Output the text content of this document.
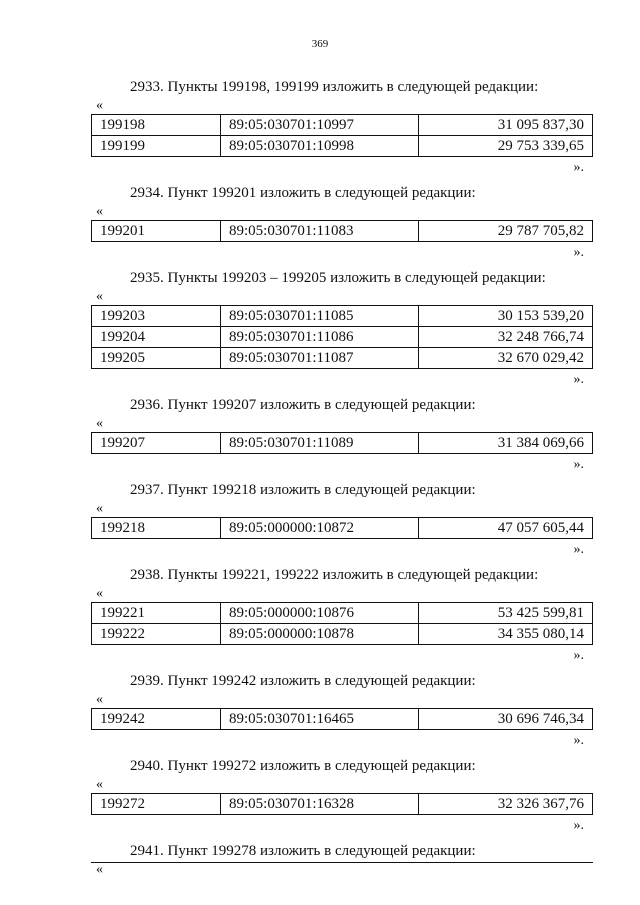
369
2933. Пункты 199198, 199199 изложить в следующей редакции:
«
199198	89:05:030701:10997	31 095 837,30
199199	89:05:030701:10998	29 753 339,65
».
2934. Пункт 199201 изложить в следующей редакции:
«
199201	89:05:030701:11083	29 787 705,82
».
2935. Пункты 199203 – 199205 изложить в следующей редакции:
«
199203	89:05:030701:11085	30 153 539,20
199204	89:05:030701:11086	32 248 766,74
199205	89:05:030701:11087	32 670 029,42
».
2936. Пункт 199207 изложить в следующей редакции:
«
199207	89:05:030701:11089	31 384 069,66
».
2937. Пункт 199218 изложить в следующей редакции:
«
199218	89:05:000000:10872	47 057 605,44
».
2938. Пункты 199221, 199222 изложить в следующей редакции:
«
199221	89:05:000000:10876	53 425 599,81
199222	89:05:000000:10878	34 355 080,14
».
2939. Пункт 199242 изложить в следующей редакции:
«
199242	89:05:030701:16465	30 696 746,34
».
2940. Пункт 199272 изложить в следующей редакции:
«
199272	89:05:030701:16328	32 326 367,76
».
2941. Пункт 199278 изложить в следующей редакции:
«
